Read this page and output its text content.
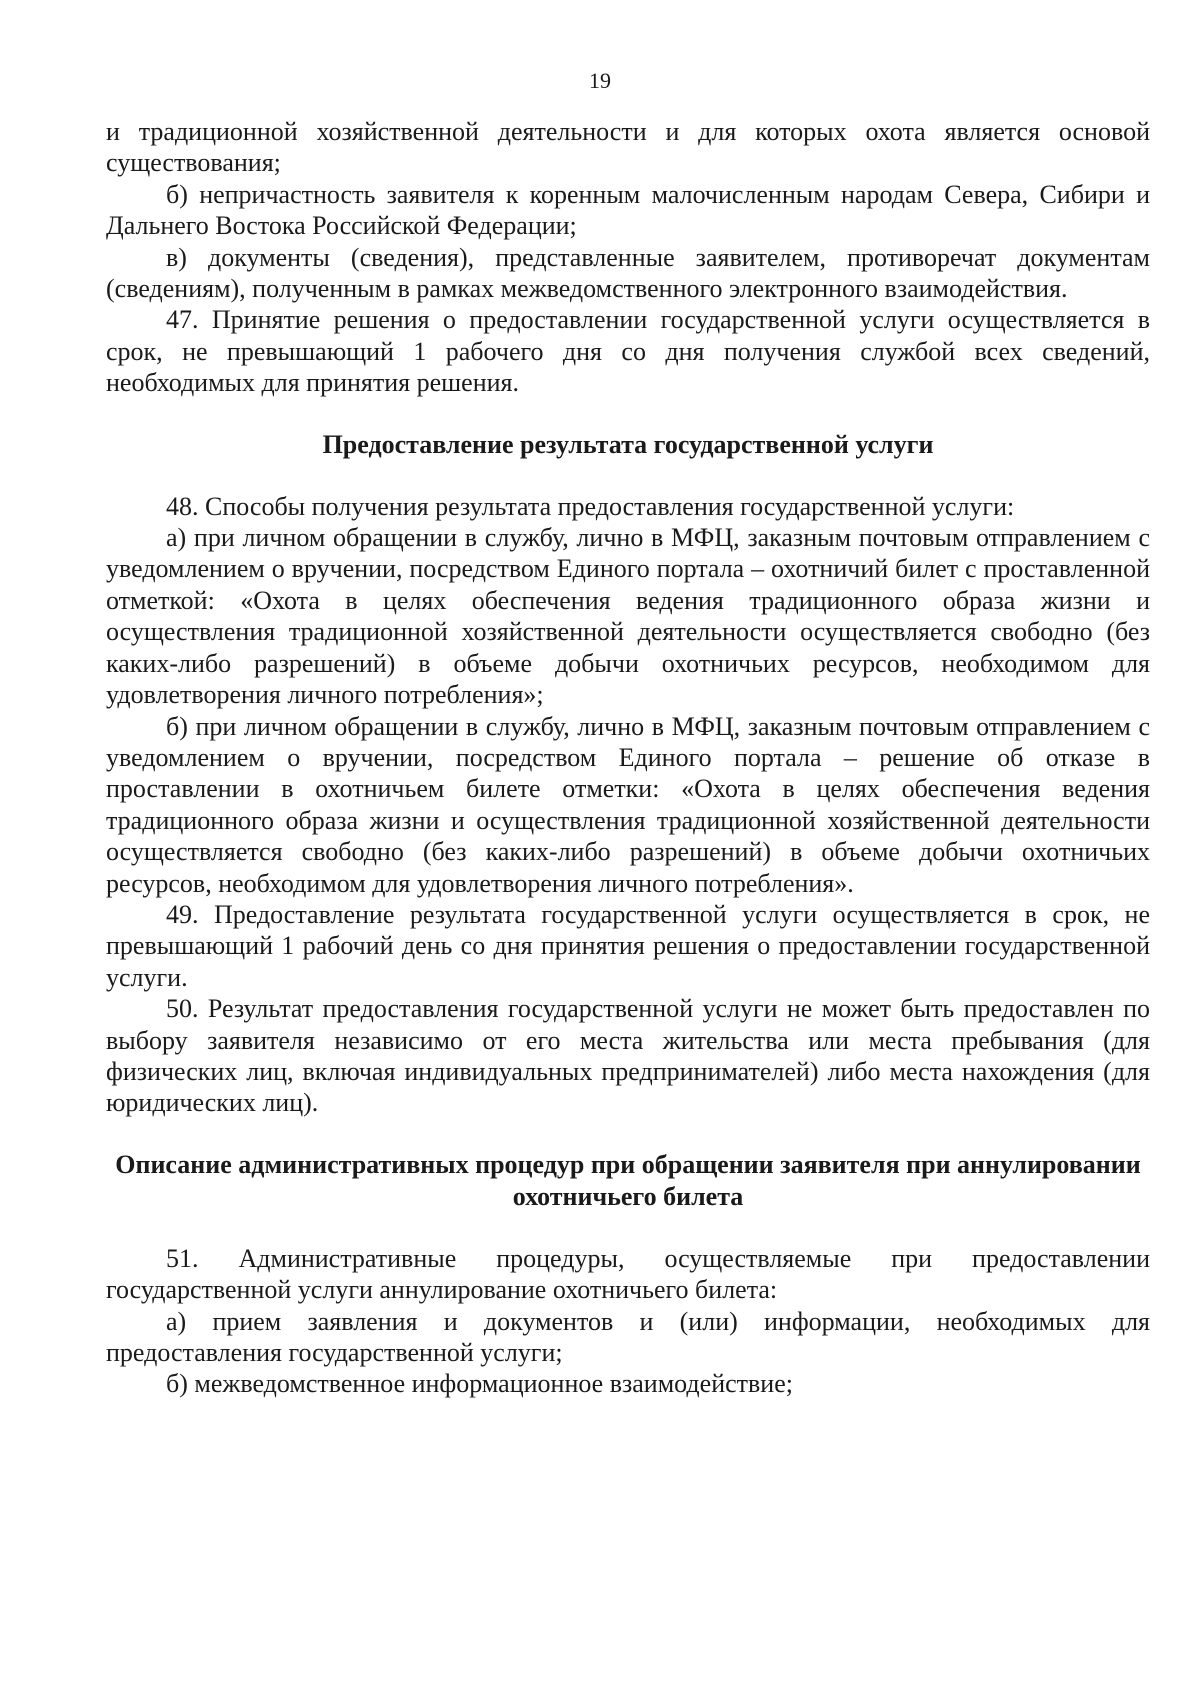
19

и традиционной хозяйственной деятельности и для которых охота является основой существования;

б) непричастность заявителя к коренным малочисленным народам Севера, Сибири и Дальнего Востока Российской Федерации;

в) документы (сведения), представленные заявителем, противоречат документам (сведениям), полученным в рамках межведомственного электронного взаимодействия.

47. Принятие решения о предоставлении государственной услуги осуществляется в срок, не превышающий 1 рабочего дня со дня получения службой всех сведений, необходимых для принятия решения.

Предоставление результата государственной услуги

48. Способы получения результата предоставления государственной услуги:

а) при личном обращении в службу, лично в МФЦ, заказным почтовым отправлением с уведомлением о вручении, посредством Единого портала – охотничий билет с проставленной отметкой: «Охота в целях обеспечения ведения традиционного образа жизни и осуществления традиционной хозяйственной деятельности осуществляется свободно (без каких-либо разрешений) в объеме добычи охотничьих ресурсов, необходимом для удовлетворения личного потребления»;

б) при личном обращении в службу, лично в МФЦ, заказным почтовым отправлением с уведомлением о вручении, посредством Единого портала – решение об отказе в проставлении в охотничьем билете отметки: «Охота в целях обеспечения ведения традиционного образа жизни и осуществления традиционной хозяйственной деятельности осуществляется свободно (без каких-либо разрешений) в объеме добычи охотничьих ресурсов, необходимом для удовлетворения личного потребления».

49. Предоставление результата государственной услуги осуществляется в срок, не превышающий 1 рабочий день со дня принятия решения о предоставлении государственной услуги.

50. Результат предоставления государственной услуги не может быть предоставлен по выбору заявителя независимо от его места жительства или места пребывания (для физических лиц, включая индивидуальных предпринимателей) либо места нахождения (для юридических лиц).

Описание административных процедур при обращении заявителя при аннулировании охотничьего билета

51. Административные процедуры, осуществляемые при предоставлении государственной услуги аннулирование охотничьего билета:

а) прием заявления и документов и (или) информации, необходимых для предоставления государственной услуги;

б) межведомственное информационное взаимодействие;
